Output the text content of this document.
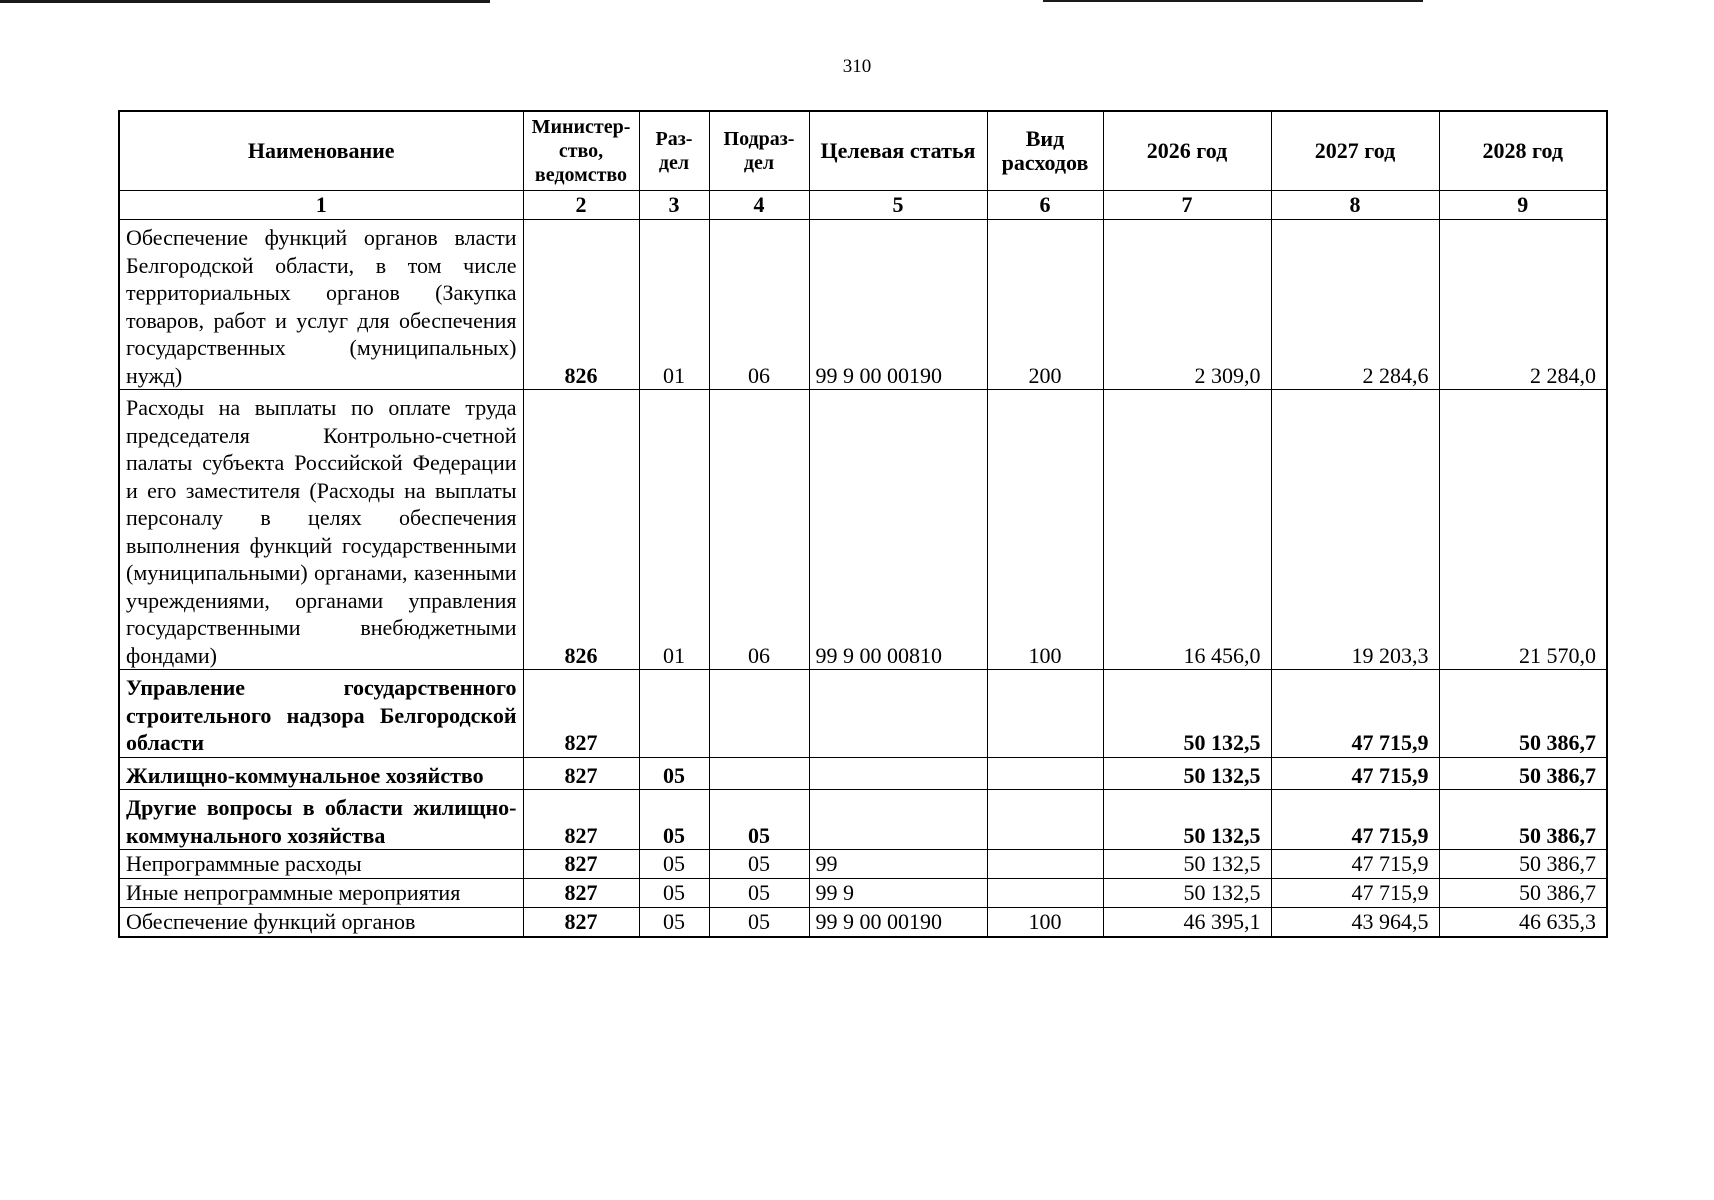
310
Наименование	Министер-ство, ведомство	Раз-дел	Подраз-дел	Целевая статья	Вид расходов	2026 год	2027 год	2028 год
1	2	3	4	5	6	7	8	9
Обеспечение функций органов власти Белгородской области, в том числе территориальных органов (Закупка товаров, работ и услуг для обеспечения государственных (муниципальных) нужд)	826	01	06	99 9 00 00190	200	2 309,0	2 284,6	2 284,0
Расходы на выплаты по оплате труда председателя Контрольно-счетной палаты субъекта Российской Федерации и его заместителя (Расходы на выплаты персоналу в целях обеспечения выполнения функций государственными (муниципальными) органами, казенными учреждениями, органами управления государственными внебюджетными фондами)	826	01	06	99 9 00 00810	100	16 456,0	19 203,3	21 570,0
Управление государственного строительного надзора Белгородской области	827					50 132,5	47 715,9	50 386,7
Жилищно-коммунальное хозяйство	827	05				50 132,5	47 715,9	50 386,7
Другие вопросы в области жилищно-коммунального хозяйства	827	05	05			50 132,5	47 715,9	50 386,7
Непрограммные расходы	827	05	05	99		50 132,5	47 715,9	50 386,7
Иные непрограммные мероприятия	827	05	05	99 9		50 132,5	47 715,9	50 386,7
Обеспечение функций органов	827	05	05	99 9 00 00190	100	46 395,1	43 964,5	46 635,3
